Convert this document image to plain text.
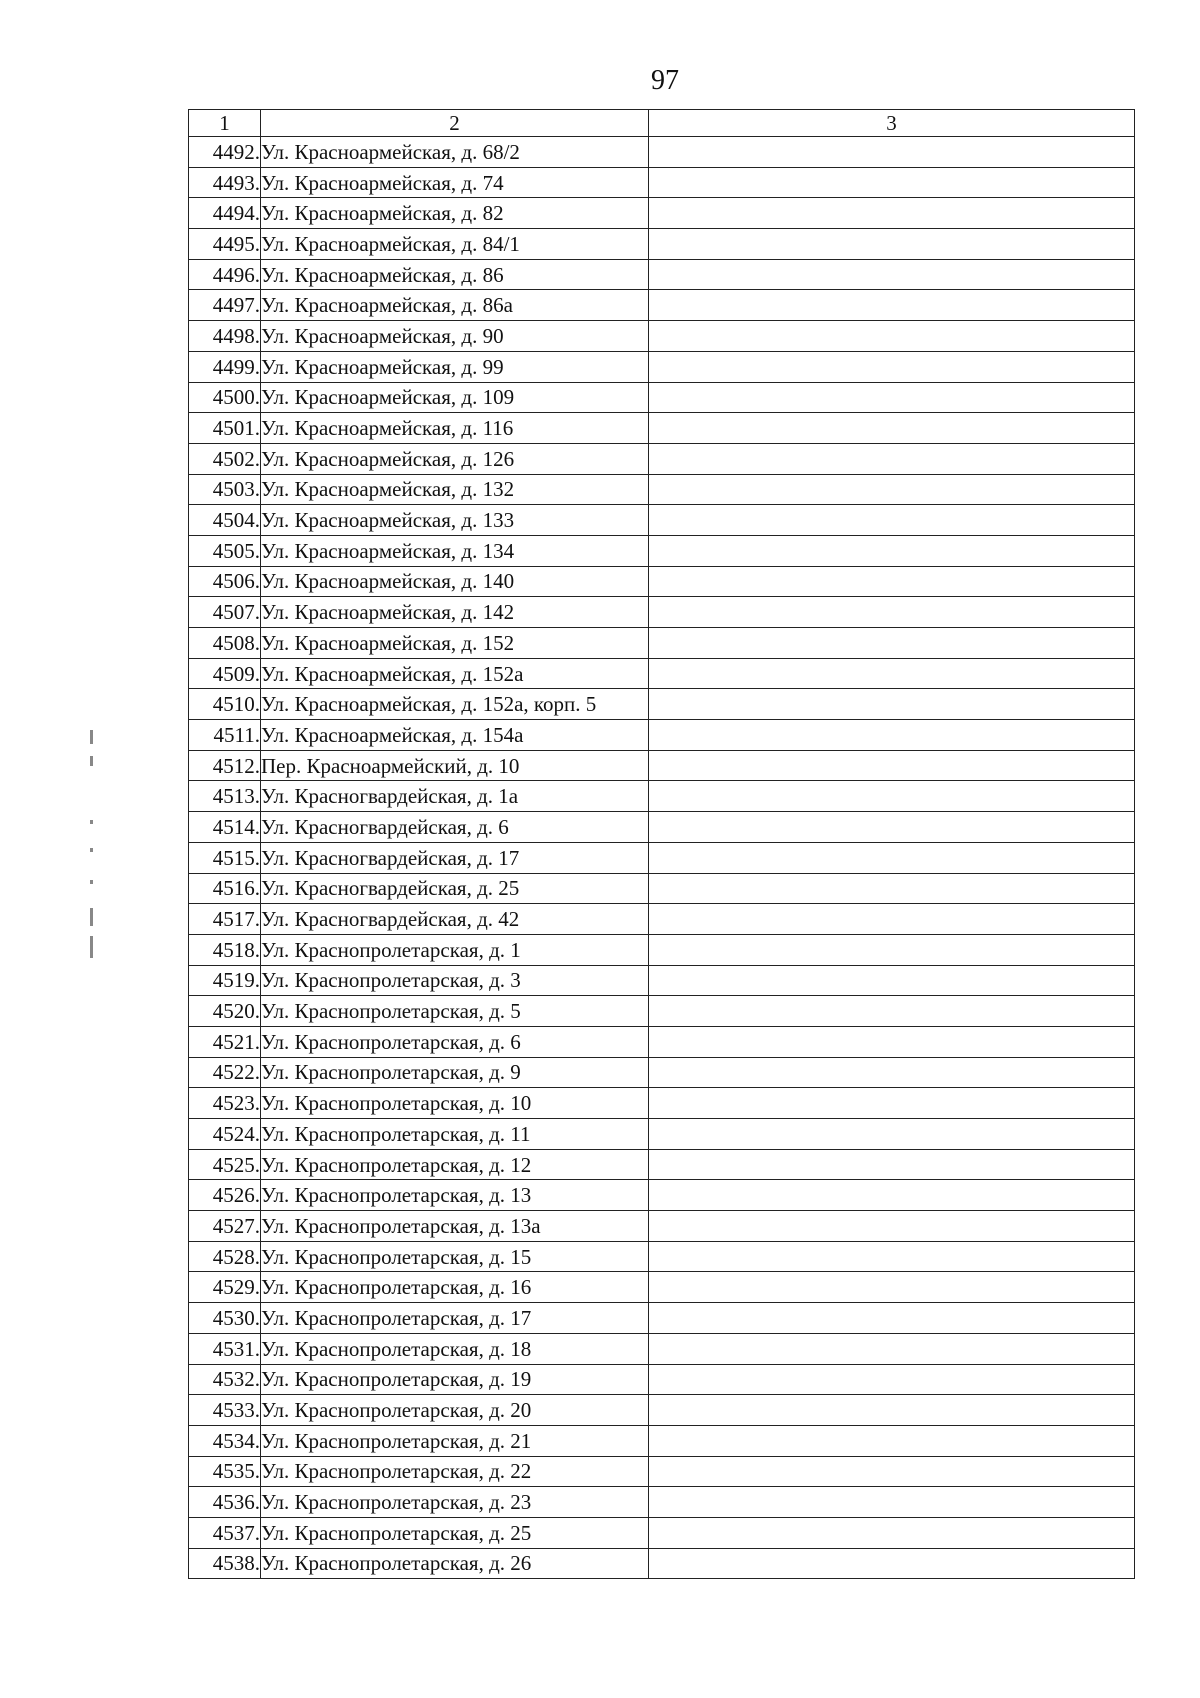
97
1	2	3
4492.	Ул. Красноармейская, д. 68/2	
4493.	Ул. Красноармейская, д. 74	
4494.	Ул. Красноармейская, д. 82	
4495.	Ул. Красноармейская, д. 84/1	
4496.	Ул. Красноармейская, д. 86	
4497.	Ул. Красноармейская, д. 86а	
4498.	Ул. Красноармейская, д. 90	
4499.	Ул. Красноармейская, д. 99	
4500.	Ул. Красноармейская, д. 109	
4501.	Ул. Красноармейская, д. 116	
4502.	Ул. Красноармейская, д. 126	
4503.	Ул. Красноармейская, д. 132	
4504.	Ул. Красноармейская, д. 133	
4505.	Ул. Красноармейская, д. 134	
4506.	Ул. Красноармейская, д. 140	
4507.	Ул. Красноармейская, д. 142	
4508.	Ул. Красноармейская, д. 152	
4509.	Ул. Красноармейская, д. 152а	
4510.	Ул. Красноармейская, д. 152а, корп. 5	
4511.	Ул. Красноармейская, д. 154а	
4512.	Пер. Красноармейский, д. 10	
4513.	Ул. Красногвардейская, д. 1а	
4514.	Ул. Красногвардейская, д. 6	
4515.	Ул. Красногвардейская, д. 17	
4516.	Ул. Красногвардейская, д. 25	
4517.	Ул. Красногвардейская, д. 42	
4518.	Ул. Краснопролетарская, д. 1	
4519.	Ул. Краснопролетарская, д. 3	
4520.	Ул. Краснопролетарская, д. 5	
4521.	Ул. Краснопролетарская, д. 6	
4522.	Ул. Краснопролетарская, д. 9	
4523.	Ул. Краснопролетарская, д. 10	
4524.	Ул. Краснопролетарская, д. 11	
4525.	Ул. Краснопролетарская, д. 12	
4526.	Ул. Краснопролетарская, д. 13	
4527.	Ул. Краснопролетарская, д. 13а	
4528.	Ул. Краснопролетарская, д. 15	
4529.	Ул. Краснопролетарская, д. 16	
4530.	Ул. Краснопролетарская, д. 17	
4531.	Ул. Краснопролетарская, д. 18	
4532.	Ул. Краснопролетарская, д. 19	
4533.	Ул. Краснопролетарская, д. 20	
4534.	Ул. Краснопролетарская, д. 21	
4535.	Ул. Краснопролетарская, д. 22	
4536.	Ул. Краснопролетарская, д. 23	
4537.	Ул. Краснопролетарская, д. 25	
4538.	Ул. Краснопролетарская, д. 26	
